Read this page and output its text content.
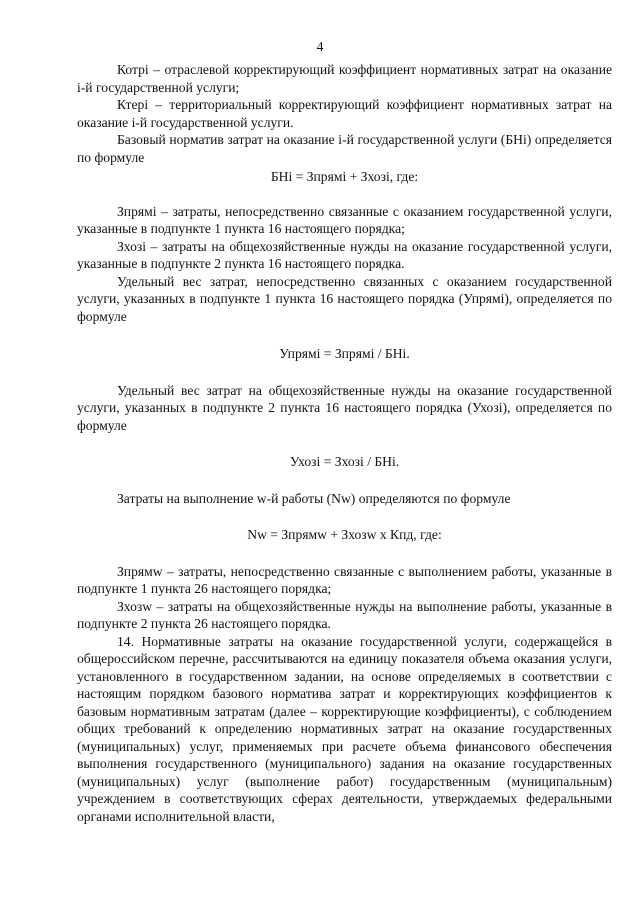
4

Котрі – отраслевой корректирующий коэффициент нормативных затрат на оказание і-й государственной услуги;

Ктері – территориальный корректирующий коэффициент нормативных затрат на оказание і-й государственной услуги.

Базовый норматив затрат на оказание і-й государственной услуги (БНі) определяется по формуле

БНі = Зпрямі + Зхозі, где:

Зпрямі – затраты, непосредственно связанные с оказанием государственной услуги, указанные в подпункте 1 пункта 16 настоящего порядка;

Зхозі – затраты на общехозяйственные нужды на оказание государственной услуги, указанные в подпункте 2 пункта 16 настоящего порядка.

Удельный вес затрат, непосредственно связанных с оказанием государственной услуги, указанных в подпункте 1 пункта 16 настоящего порядка (Упрямі), определяется по формуле

Упрямі = Зпрямі / БНі.

Удельный вес затрат на общехозяйственные нужды на оказание государственной услуги, указанных в подпункте 2 пункта 16 настоящего порядка (Ухозі), определяется по формуле

Ухозі = Зхозі / БНі.

Затраты на выполнение w-й работы (Nw) определяются по формуле

Nw = Зпрямw + Зхозw х Кпд, где:

Зпрямw – затраты, непосредственно связанные с выполнением работы, указанные в подпункте 1 пункта 26 настоящего порядка;

Зхозw – затраты на общехозяйственные нужды на выполнение работы, указанные в подпункте 2 пункта 26 настоящего порядка.

14. Нормативные затраты на оказание государственной услуги, содержащейся в общероссийском перечне, рассчитываются на единицу показателя объема оказания услуги, установленного в государственном задании, на основе определяемых в соответствии с настоящим порядком базового норматива затрат и корректирующих коэффициентов к базовым нормативным затратам (далее – корректирующие коэффициенты), с соблюдением общих требований к определению нормативных затрат на оказание государственных (муниципальных) услуг, применяемых при расчете объема финансового обеспечения выполнения государственного (муниципального) задания на оказание государственных (муниципальных) услуг (выполнение работ) государственным (муниципальным) учреждением в соответствующих сферах деятельности, утверждаемых федеральными органами исполнительной власти,
